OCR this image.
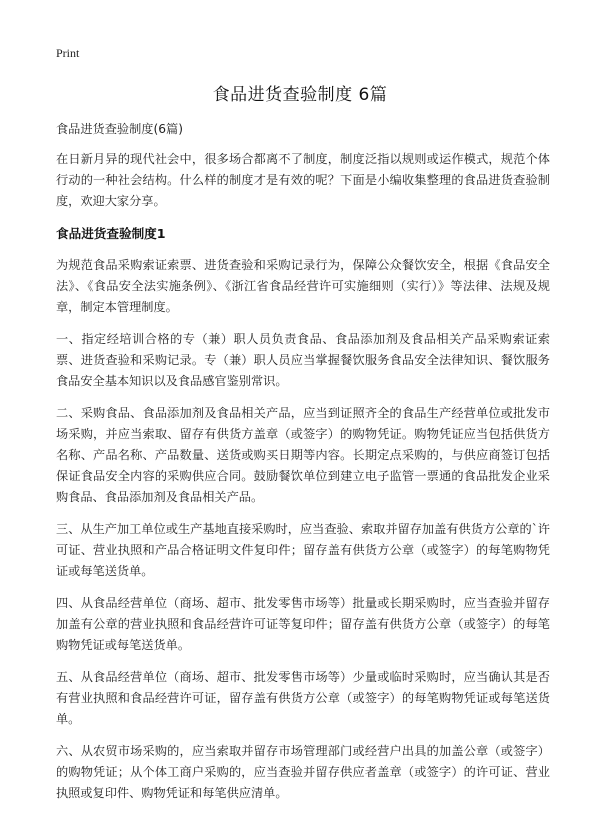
Print
食品进货查验制度 6篇

食品进货查验制度(6篇)

在日新月异的现代社会中，很多场合都离不了制度，制度泛指以规则或运作模式，规范个体行动的一种社会结构。什么样的制度才是有效的呢？下面是小编收集整理的食品进货查验制度，欢迎大家分享。

食品进货查验制度1

为规范食品采购索证索票、进货查验和采购记录行为，保障公众餐饮安全，根据《食品安全法》、《食品安全法实施条例》、《浙江省食品经营许可实施细则（实行）》等法律、法规及规章，制定本管理制度。

一、指定经培训合格的专（兼）职人员负责食品、食品添加剂及食品相关产品采购索证索票、进货查验和采购记录。专（兼）职人员应当掌握餐饮服务食品安全法律知识、餐饮服务食品安全基本知识以及食品感官鉴别常识。

二、采购食品、食品添加剂及食品相关产品，应当到证照齐全的食品生产经营单位或批发市场采购，并应当索取、留存有供货方盖章（或签字）的购物凭证。购物凭证应当包括供货方名称、产品名称、产品数量、送货或购买日期等内容。长期定点采购的，与供应商签订包括保证食品安全内容的采购供应合同。鼓励餐饮单位到建立电子监管一票通的食品批发企业采购食品、食品添加剂及食品相关产品。

三、从生产加工单位或生产基地直接采购时，应当查验、索取并留存加盖有供货方公章的`许可证、营业执照和产品合格证明文件复印件；留存盖有供货方公章（或签字）的每笔购物凭证或每笔送货单。

四、从食品经营单位（商场、超市、批发零售市场等）批量或长期采购时，应当查验并留存加盖有公章的营业执照和食品经营许可证等复印件；留存盖有供货方公章（或签字）的每笔购物凭证或每笔送货单。

五、从食品经营单位（商场、超市、批发零售市场等）少量或临时采购时，应当确认其是否有营业执照和食品经营许可证，留存盖有供货方公章（或签字）的每笔购物凭证或每笔送货单。

六、从农贸市场采购的，应当索取并留存市场管理部门或经营户出具的加盖公章（或签字）的购物凭证；从个体工商户采购的，应当查验并留存供应者盖章（或签字）的许可证、营业执照或复印件、购物凭证和每笔供应清单。
